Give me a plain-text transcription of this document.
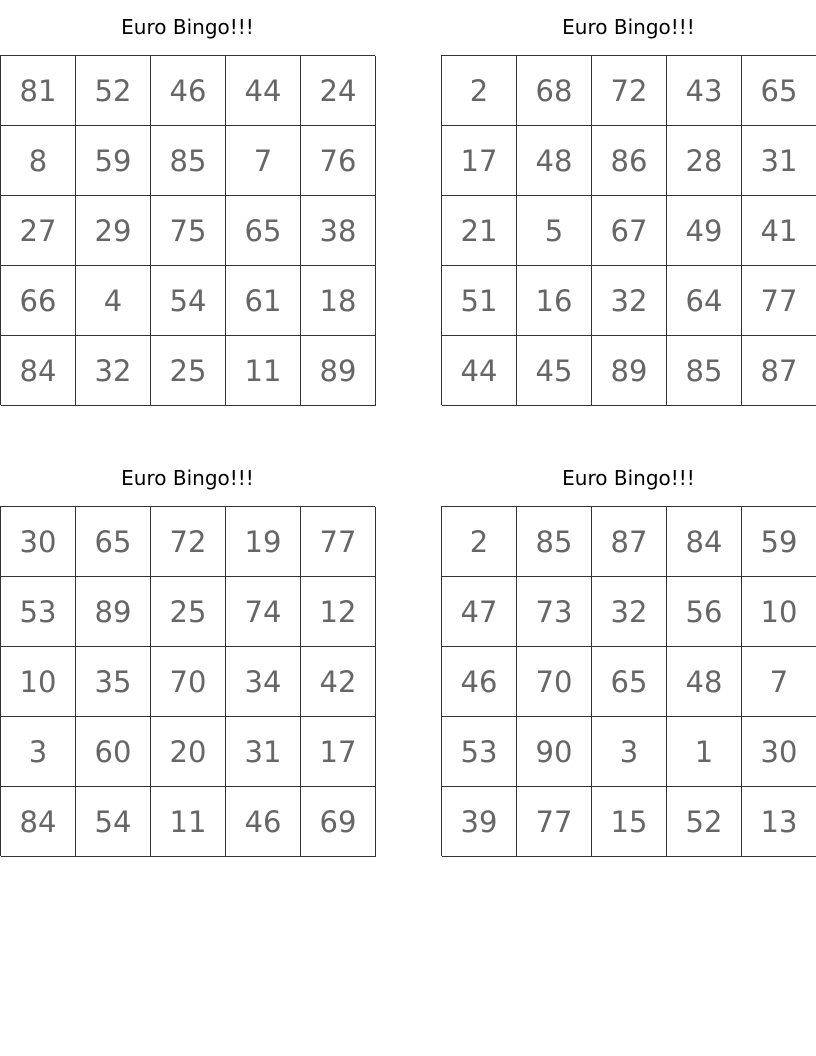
Euro Bingo!!!
81	52	46	44	24
8	59	85	7	76
27	29	75	65	38
66	4	54	61	18
84	32	25	11	89
Euro Bingo!!!
2	68	72	43	65
17	48	86	28	31
21	5	67	49	41
51	16	32	64	77
44	45	89	85	87
Euro Bingo!!!
30	65	72	19	77
53	89	25	74	12
10	35	70	34	42
3	60	20	31	17
84	54	11	46	69
Euro Bingo!!!
2	85	87	84	59
47	73	32	56	10
46	70	65	48	7
53	90	3	1	30
39	77	15	52	13
